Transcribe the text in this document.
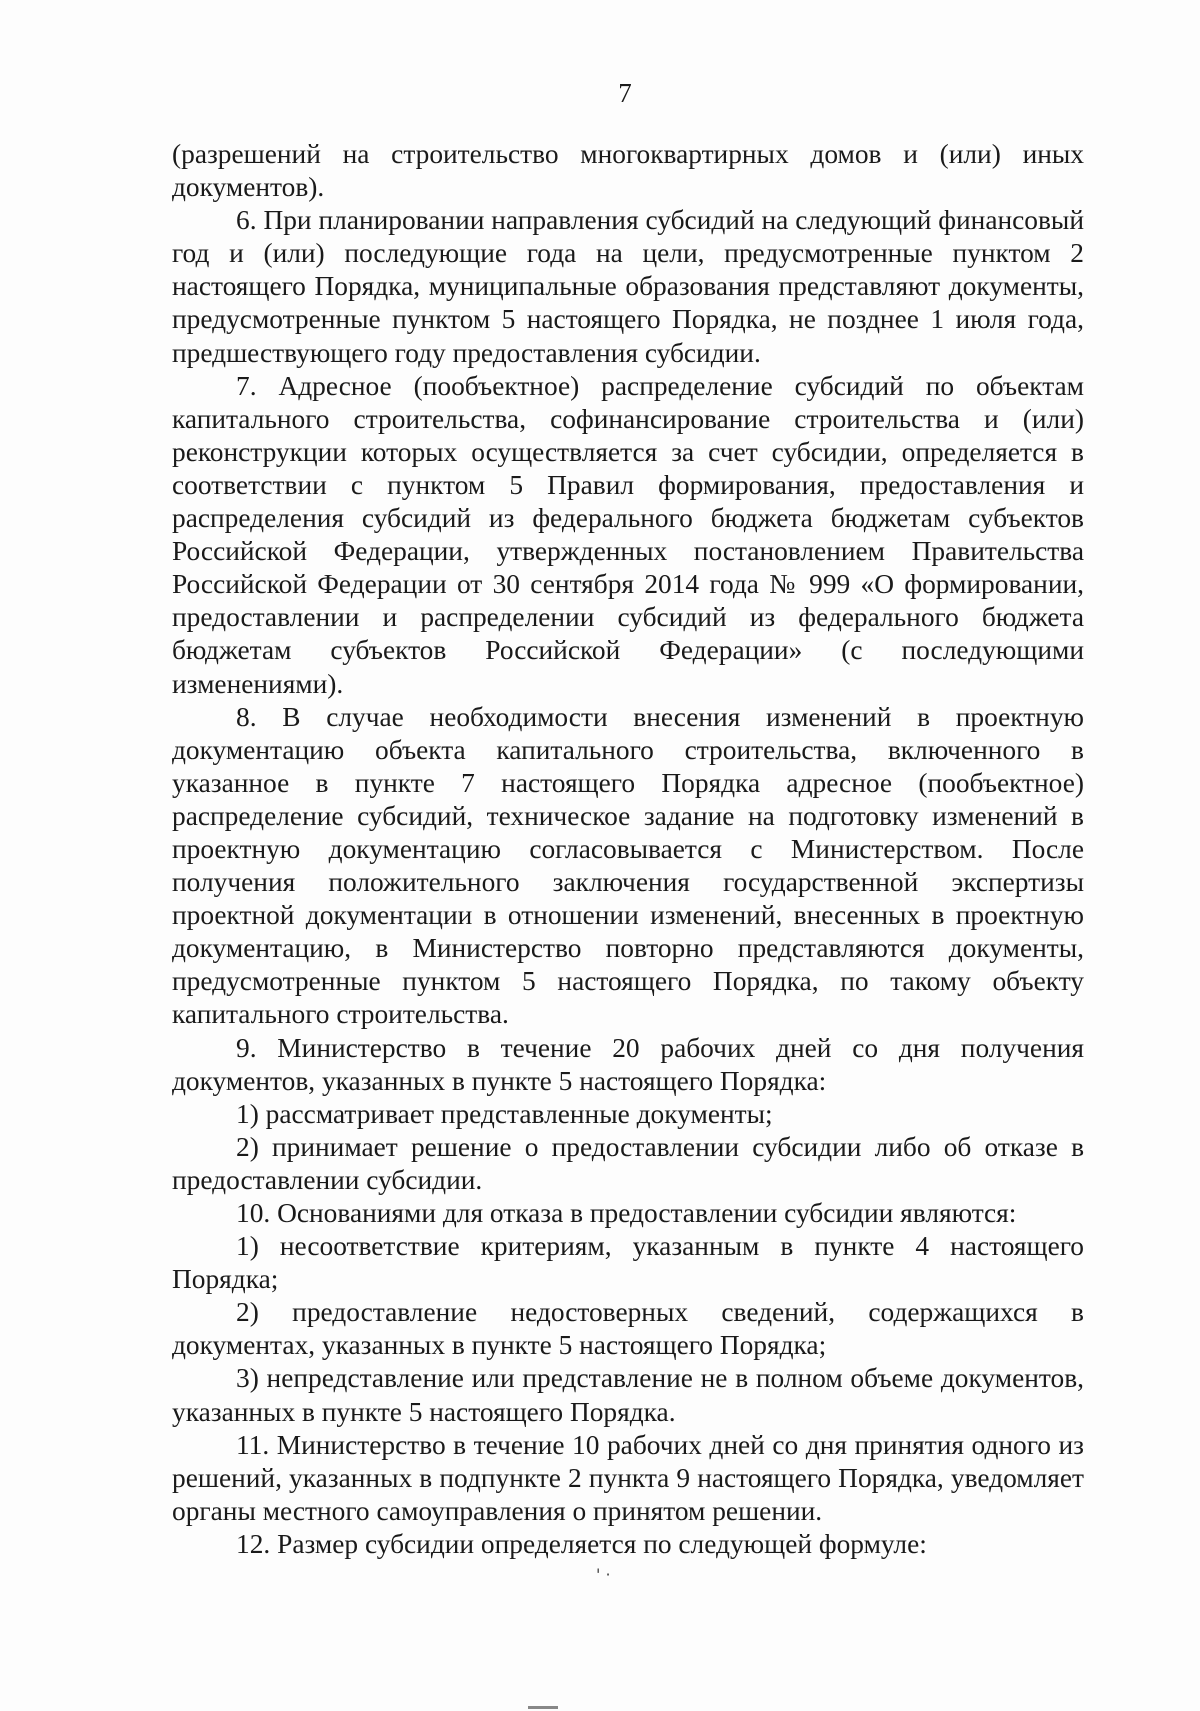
7

(разрешений на строительство многоквартирных домов и (или) иных документов).

6. При планировании направления субсидий на следующий финансовый год и (или) последующие года на цели, предусмотренные пунктом 2 настоящего Порядка, муниципальные образования представляют документы, предусмотренные пунктом 5 настоящего Порядка, не позднее 1 июля года, предшествующего году предоставления субсидии.

7. Адресное (пообъектное) распределение субсидий по объектам капитального строительства, софинансирование строительства и (или) реконструкции которых осуществляется за счет субсидии, определяется в соответствии с пунктом 5 Правил формирования, предоставления и распределения субсидий из федерального бюджета бюджетам субъектов Российской Федерации, утвержденных постановлением Правительства Российской Федерации от 30 сентября 2014 года № 999 «О формировании, предоставлении и распределении субсидий из федерального бюджета бюджетам субъектов Российской Федерации» (с последующими изменениями).

8. В случае необходимости внесения изменений в проектную документацию объекта капитального строительства, включенного в указанное в пункте 7 настоящего Порядка адресное (пообъектное) распределение субсидий, техническое задание на подготовку изменений в проектную документацию согласовывается с Министерством. После получения положительного заключения государственной экспертизы проектной документации в отношении изменений, внесенных в проектную документацию, в Министерство повторно представляются документы, предусмотренные пунктом 5 настоящего Порядка, по такому объекту капитального строительства.

9. Министерство в течение 20 рабочих дней со дня получения документов, указанных в пункте 5 настоящего Порядка:

1) рассматривает представленные документы;

2) принимает решение о предоставлении субсидии либо об отказе в предоставлении субсидии.

10. Основаниями для отказа в предоставлении субсидии являются:

1) несоответствие критериям, указанным в пункте 4 настоящего Порядка;

2) предоставление недостоверных сведений, содержащихся в документах, указанных в пункте 5 настоящего Порядка;

3) непредставление или представление не в полном объеме документов, указанных в пункте 5 настоящего Порядка.

11. Министерство в течение 10 рабочих дней со дня принятия одного из решений, указанных в подпункте 2 пункта 9 настоящего Порядка, уведомляет органы местного самоуправления о принятом решении.

12. Размер субсидии определяется по следующей формуле:

' ·
